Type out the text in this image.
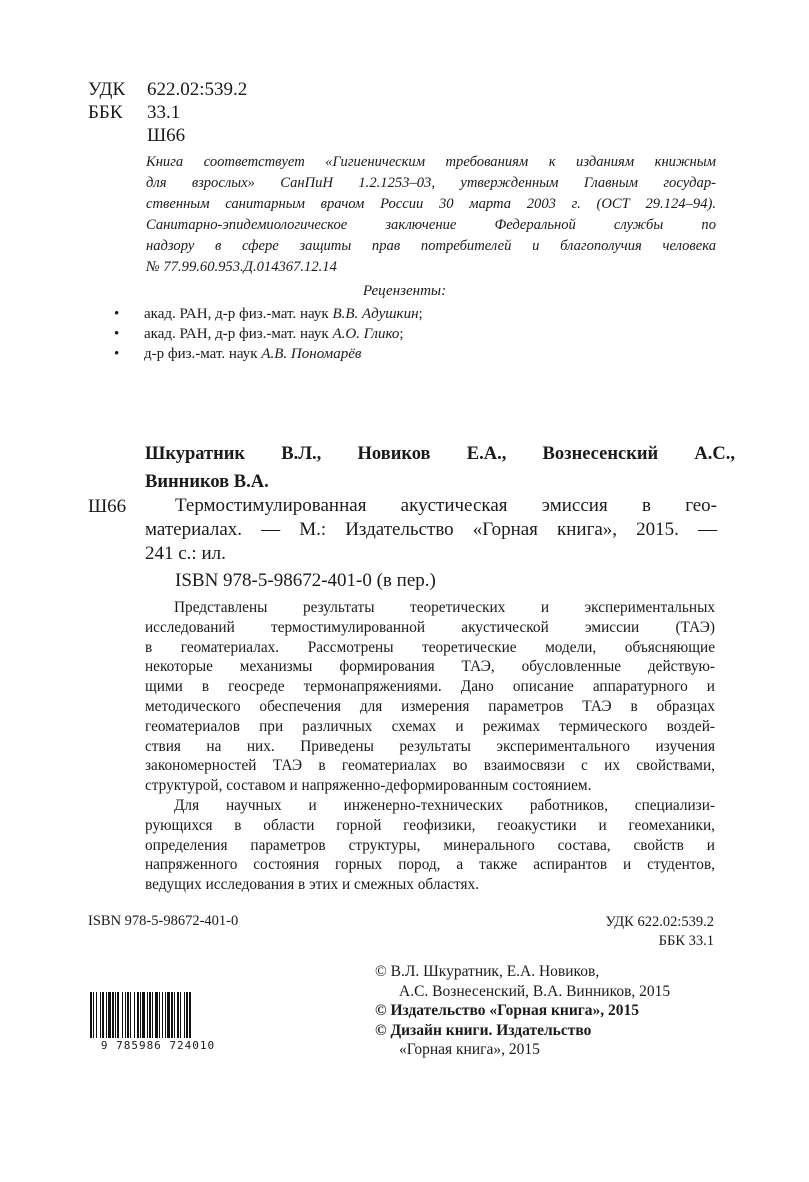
УДК	622.02:539.2
ББК	33.1
Ш66
Книга соответствует «Гигиеническим требованиям к изданиям книжным
для взрослых» СанПиН 1.2.1253–03, утвержденным Главным государ-
ственным санитарным врачом России 30 марта 2003 г. (ОСТ 29.124–94).
Санитарно-эпидемиологическое заключение Федеральной службы по
надзору в сфере защиты прав потребителей и благополучия человека
№ 77.99.60.953.Д.014367.12.14
Рецензенты:
• акад. РАН, д-р физ.-мат. наук В.В. Адушкин;
• акад. РАН, д-р физ.-мат. наук А.О. Глико;
• д-р физ.-мат. наук А.В. Пономарёв
Шкуратник В.Л., Новиков Е.А., Вознесенский А.С.,
Винников В.А.
Ш66	Термостимулированная акустическая эмиссия в гео-
материалах. — М.: Издательство «Горная книга», 2015. —
241 с.: ил.
ISBN 978-5-98672-401-0 (в пер.)
Представлены результаты теоретических и экспериментальных
исследований термостимулированной акустической эмиссии (ТАЭ)
в геоматериалах. Рассмотрены теоретические модели, объясняющие
некоторые механизмы формирования ТАЭ, обусловленные действую-
щими в геосреде термонапряжениями. Дано описание аппаратурного и
методического обеспечения для измерения параметров ТАЭ в образцах
геоматериалов при различных схемах и режимах термического воздей-
ствия на них. Приведены результаты экспериментального изучения
закономерностей ТАЭ в геоматериалах во взаимосвязи с их свойствами,
структурой, составом и напряженно-деформированным состоянием.
Для научных и инженерно-технических работников, специализи-
рующихся в области горной геофизики, геоакустики и геомеханики,
определения параметров структуры, минерального состава, свойств и
напряженного состояния горных пород, а также аспирантов и студентов,
ведущих исследования в этих и смежных областях.
ISBN 978-5-98672-401-0	УДК 622.02:539.2
ББК 33.1
© В.Л. Шкуратник, Е.А. Новиков,
А.С. Вознесенский, В.А. Винников, 2015
© Издательство «Горная книга», 2015
© Дизайн книги. Издательство
«Горная книга», 2015
9 785986 724010
